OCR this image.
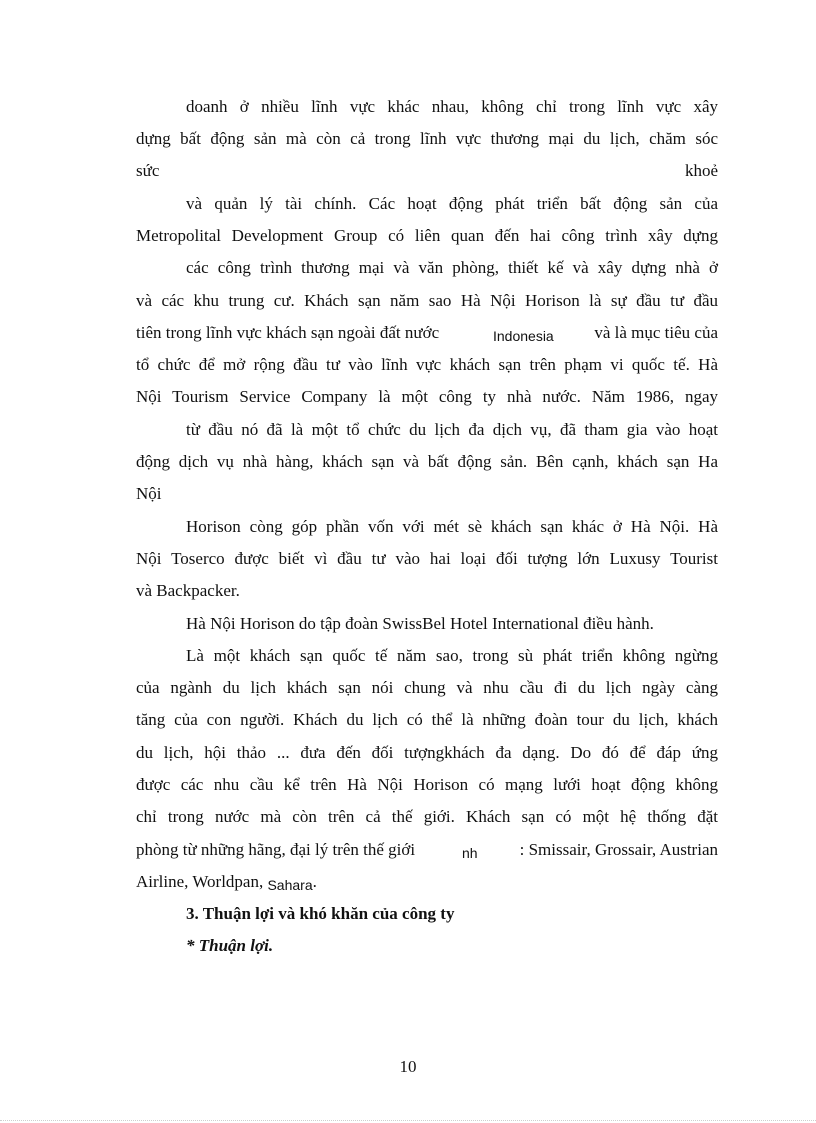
doanh ở nhiều lĩnh vực khác nhau, không chỉ trong lĩnh vực xây
dựng bất động sản mà còn cả trong lĩnh vực thương mại du lịch, chăm sóc
sức	khoẻ
và quản lý tài chính. Các hoạt động phát triển bất động sản của
Metropolital Development Group có liên quan đến hai công trình xây dựng
các công trình thương mại và văn phòng, thiết kế và xây dựng nhà ở
và các khu trung cư. Khách sạn năm sao Hà Nội Horison là sự đầu tư đầu
tiên trong lĩnh vực khách sạn ngoài đất nước	Indonesia và là mục tiêu của
tổ chức để mở rộng đầu tư vào lĩnh vực khách sạn trên phạm vi quốc tế. Hà
Nội Tourism Service Company là một công ty nhà nước. Năm 1986, ngay
từ đầu nó đã là một tổ chức du lịch đa dịch vụ, đã tham gia vào hoạt
động dịch vụ nhà hàng, khách sạn và bất động sản. Bên cạnh, khách sạn Ha
Nội
Horison còng góp phần vốn với mét sè khách sạn khác ở Hà Nội. Hà
Nội Toserco được biết vì đầu tư vào hai loại đối tượng lớn Luxusy Tourist
và Backpacker.
Hà Nội Horison do tập đoàn SwissBel Hotel International điều hành.
Là một khách sạn quốc tế năm sao, trong sù phát triển không ngừng
của ngành du lịch khách sạn nói chung và nhu cầu đi du lịch ngày càng
tăng của con người. Khách du lịch có thể là những đoàn tour du lịch, khách
du lịch, hội thảo ... đưa đến đối tượngkhách đa dạng. Do đó để đáp ứng
được các nhu cầu kể trên Hà Nội Horison có mạng lưới hoạt động không
chỉ trong nước mà còn trên cả thế giới. Khách sạn có một hệ thống đặt
phòng từ những hãng, đại lý trên thế giới	nh : Smissair, Grossair, Austrian
Airline, Worldpan, Sahara.
3. Thuận lợi và khó khăn của công ty
* Thuận lợi.
10
